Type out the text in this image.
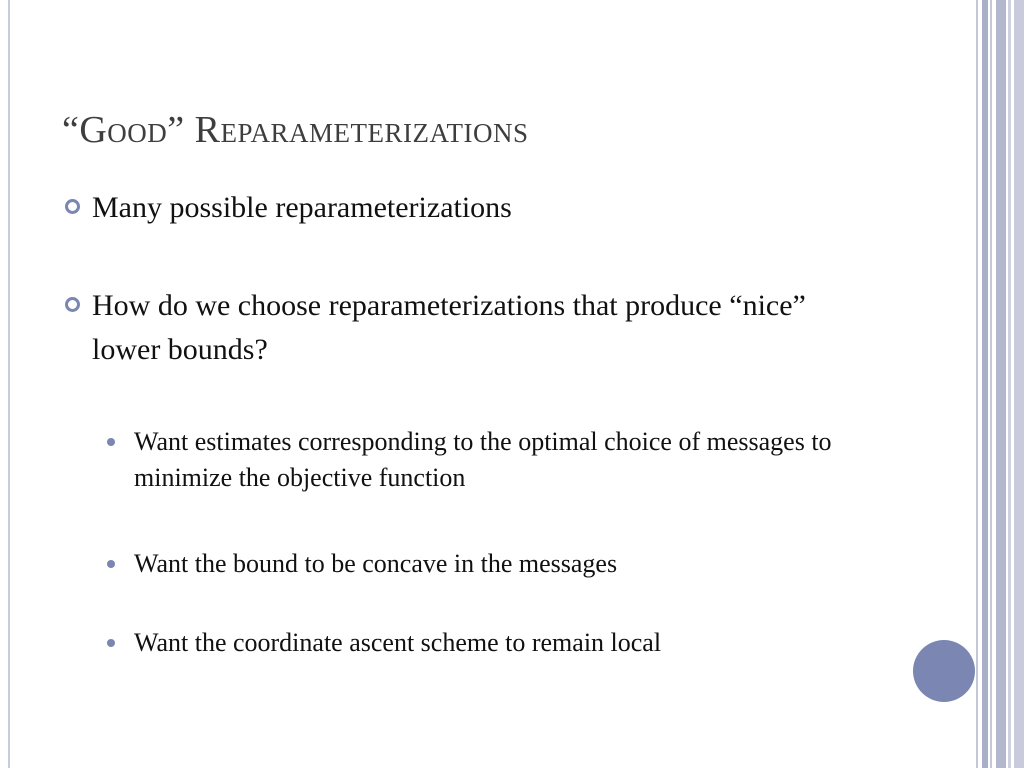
“Good” Reparameterizations
Many possible reparameterizations
How do we choose reparameterizations that produce “nice” lower bounds?
Want estimates corresponding to the optimal choice of messages to minimize the objective function
Want the bound to be concave in the messages
Want the coordinate ascent scheme to remain local
